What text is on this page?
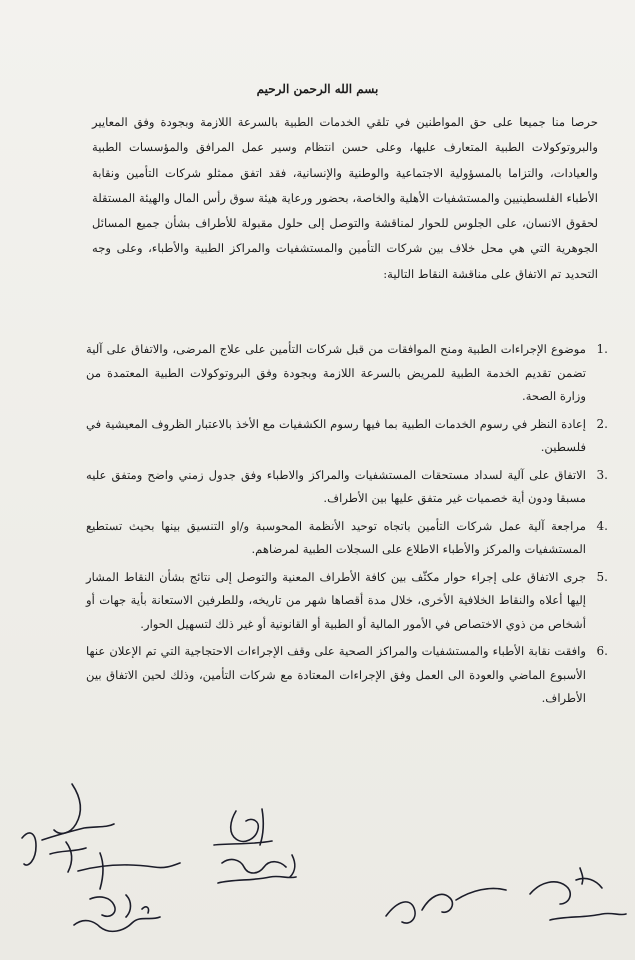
بسم الله الرحمن الرحيم

حرصا منا جميعا على حق المواطنين في تلقي الخدمات الطبية بالسرعة اللازمة وبجودة وفق المعايير والبروتوكولات الطبية المتعارف عليها، وعلى حسن انتظام وسير عمل المرافق والمؤسسات الطبية والعيادات، والتزاما بالمسؤولية الاجتماعية والوطنية والإنسانية، فقد اتفق ممثلو شركات التأمين ونقابة الأطباء الفلسطينيين والمستشفيات الأهلية والخاصة، بحضور ورعاية هيئة سوق رأس المال والهيئة المستقلة لحقوق الانسان، على الجلوس للحوار لمناقشة والتوصل إلى حلول مقبولة للأطراف بشأن جميع المسائل الجوهرية التي هي محل خلاف بين شركات التأمين والمستشفيات والمراكز الطبية والأطباء، وعلى وجه التحديد تم الاتفاق على مناقشة النقاط التالية:

1.
موضوع الإجراءات الطبية ومنح الموافقات من قبل شركات التأمين على علاج المرضى، والاتفاق على آلية تضمن تقديم الخدمة الطبية للمريض بالسرعة اللازمة وبجودة وفق البروتوكولات الطبية المعتمدة من وزارة الصحة.
2.
إعادة النظر في رسوم الخدمات الطبية بما فيها رسوم الكشفيات مع الأخذ بالاعتبار الظروف المعيشية في فلسطين.
3.
الاتفاق على آلية لسداد مستحقات المستشفيات والمراكز والاطباء وفق جدول زمني واضح ومتفق عليه مسبقا ودون أية خصميات غير متفق عليها بين الأطراف.
4.
مراجعة آلية عمل شركات التأمين باتجاه توحيد الأنظمة المحوسبة و/او التنسيق بينها بحيث تستطيع المستشفيات والمركز والأطباء الاطلاع على السجلات الطبية لمرضاهم.
5.
جرى الاتفاق على إجراء حوار مكثّف بين كافة الأطراف المعنية والتوصل إلى نتائج بشأن النقاط المشار إليها أعلاه والنقاط الخلافية الأخرى، خلال مدة أقصاها شهر من تاريخه، وللطرفين الاستعانة بأية جهات أو أشخاص من ذوي الاختصاص في الأمور المالية أو الطبية أو القانونية أو غير ذلك لتسهيل الحوار.
6.
وافقت نقابة الأطباء والمستشفيات والمراكز الصحية على وقف الإجراءات الاحتجاجية التي تم الإعلان عنها الأسبوع الماضي والعودة الى العمل وفق الإجراءات المعتادة مع شركات التأمين، وذلك لحين الاتفاق بين الأطراف.
